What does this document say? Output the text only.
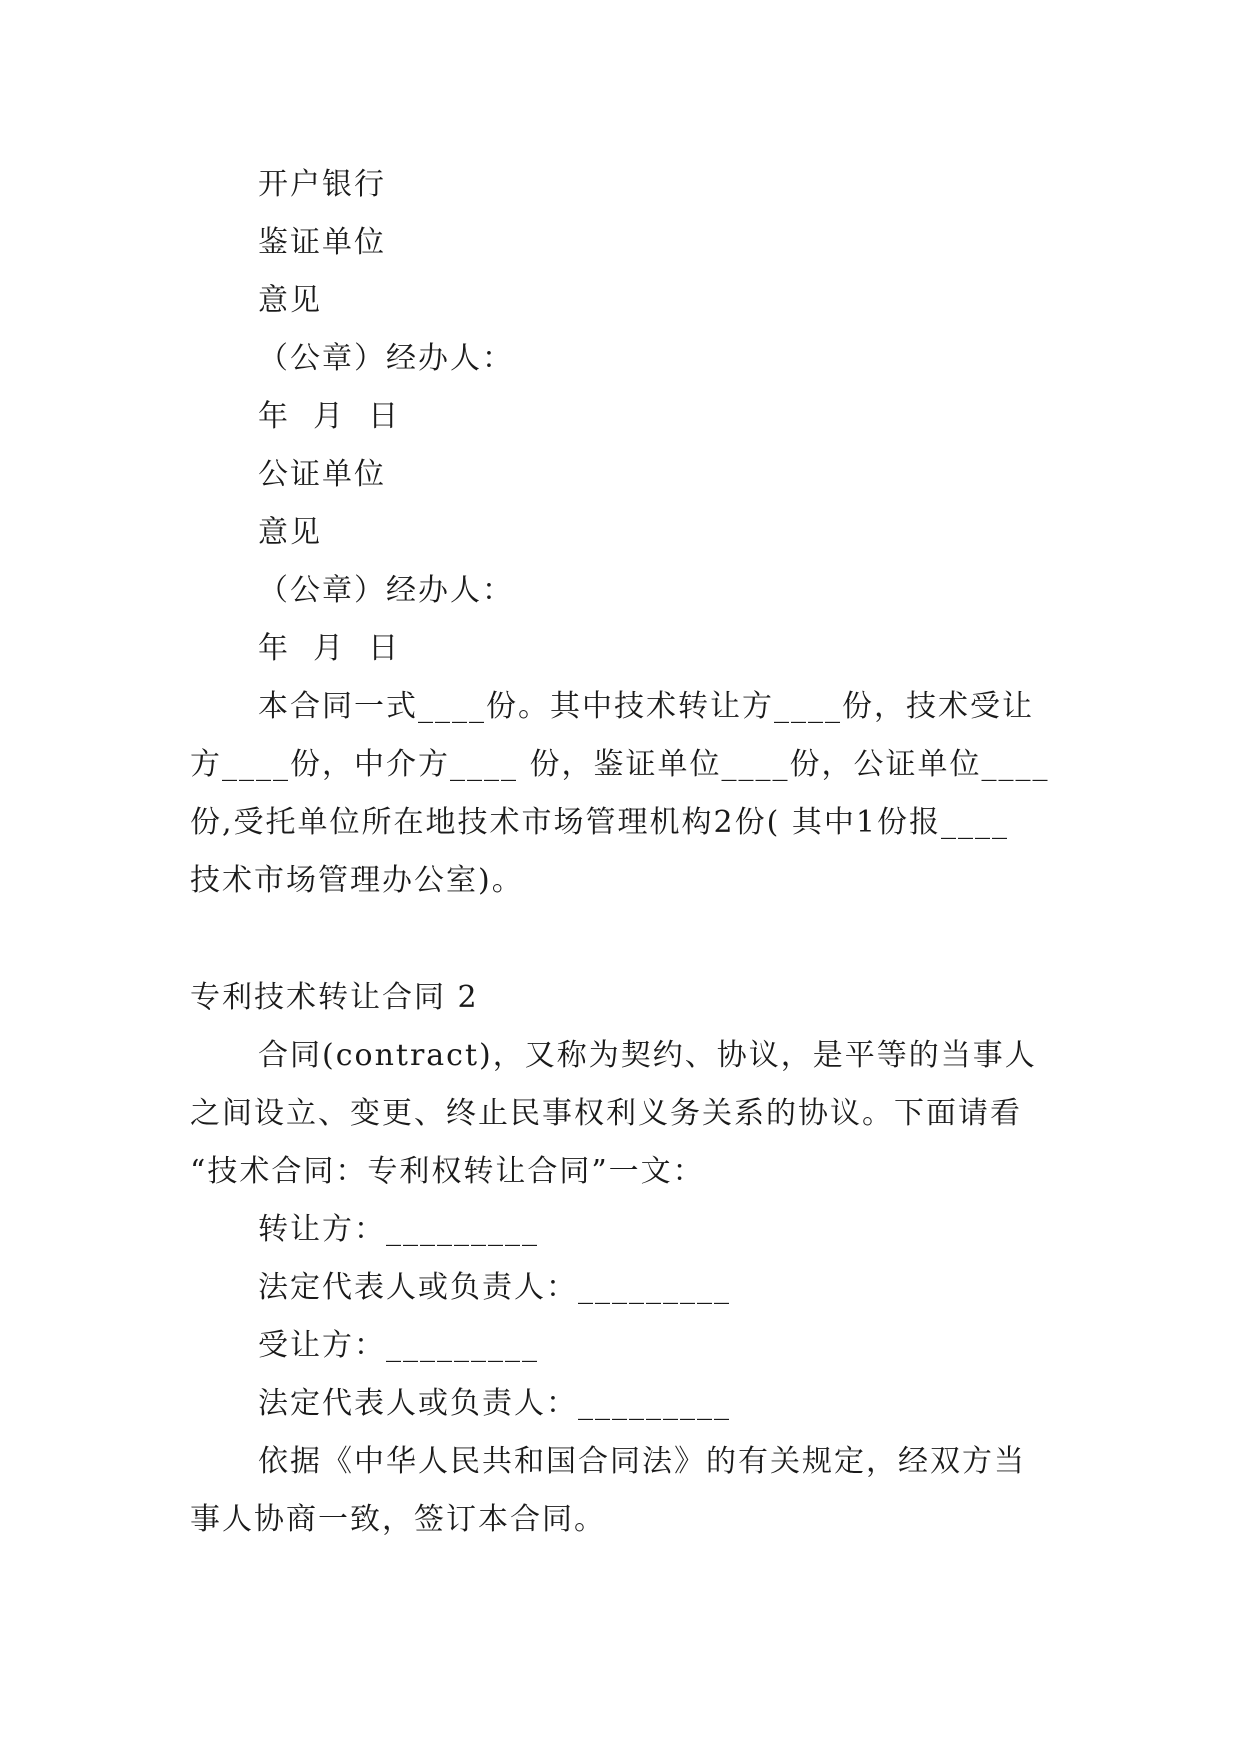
开户银行
鉴证单位
意见
（公章）经办人：
年  月  日
公证单位
意见
（公章）经办人：
年  月  日
本合同一式____份。其中技术转让方____份，技术受让
方____份，中介方____ 份，鉴证单位____份，公证单位____
份,受托单位所在地技术市场管理机构2份( 其中1份报____
技术市场管理办公室)。
专利技术转让合同 2
合同(contract)，又称为契约、协议，是平等的当事人
之间设立、变更、终止民事权利义务关系的协议。下面请看
“技术合同：专利权转让合同”一文：
转让方：_________
法定代表人或负责人：_________
受让方：_________
法定代表人或负责人：_________
依据《中华人民共和国合同法》的有关规定，经双方当
事人协商一致，签订本合同。
